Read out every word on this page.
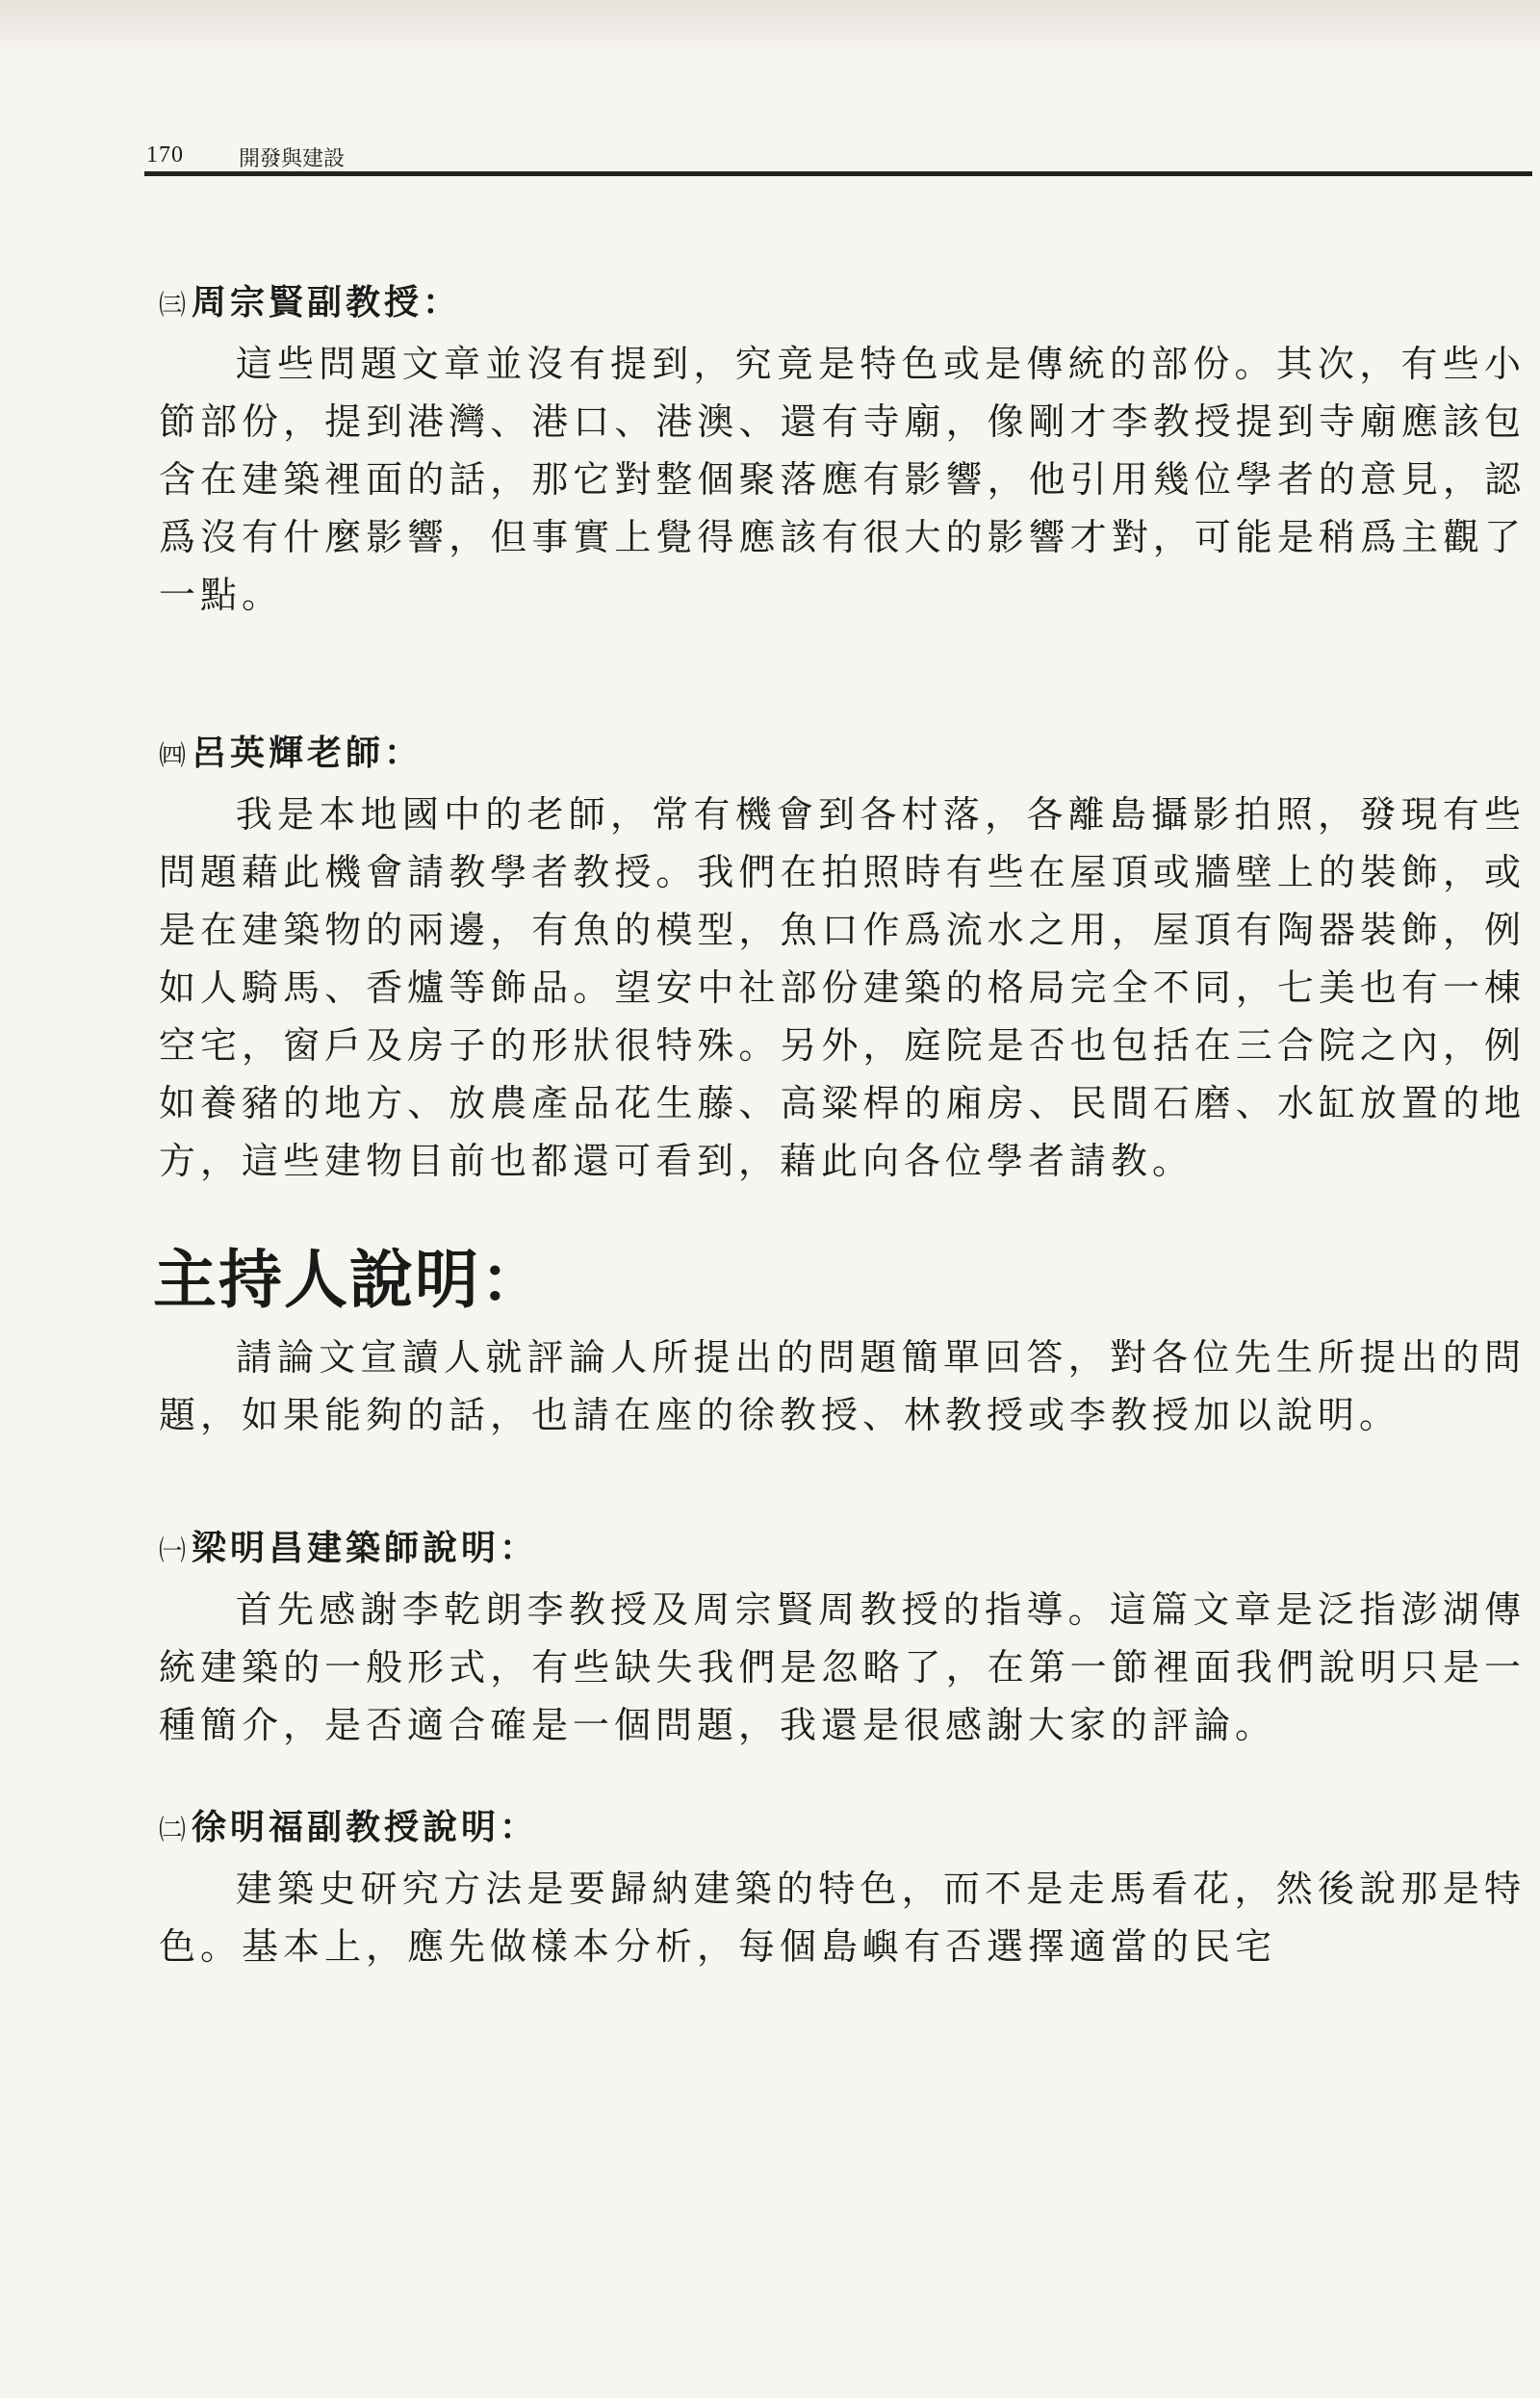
170	開發與建設
㈢ 周宗賢副教授：

這些問題文章並沒有提到，究竟是特色或是傳統的部份。其次，有些小節部份，提到港灣、港口、港澳、還有寺廟，像剛才李教授提到寺廟應該包含在建築裡面的話，那它對整個聚落應有影響，他引用幾位學者的意見，認爲沒有什麼影響，但事實上覺得應該有很大的影響才對，可能是稍爲主觀了一點。

㈣ 呂英輝老師：

我是本地國中的老師，常有機會到各村落，各離島攝影拍照，發現有些問題藉此機會請教學者教授。我們在拍照時有些在屋頂或牆壁上的裝飾，或是在建築物的兩邊，有魚的模型，魚口作爲流水之用，屋頂有陶器裝飾，例如人騎馬、香爐等飾品。望安中社部份建築的格局完全不同，七美也有一棟空宅，窗戶及房子的形狀很特殊。另外，庭院是否也包括在三合院之內，例如養豬的地方、放農產品花生藤、高粱桿的廂房、民間石磨、水缸放置的地方，這些建物目前也都還可看到，藉此向各位學者請教。

主持人說明：

請論文宣讀人就評論人所提出的問題簡單回答，對各位先生所提出的問題，如果能夠的話，也請在座的徐教授、林教授或李教授加以說明。

㈠ 梁明昌建築師說明：

首先感謝李乾朗李教授及周宗賢周教授的指導。這篇文章是泛指澎湖傳統建築的一般形式，有些缺失我們是忽略了，在第一節裡面我們說明只是一種簡介，是否適合確是一個問題，我還是很感謝大家的評論。

㈡ 徐明福副教授說明：

建築史研究方法是要歸納建築的特色，而不是走馬看花，然後說那是特色。基本上，應先做樣本分析，每個島嶼有否選擇適當的民宅
